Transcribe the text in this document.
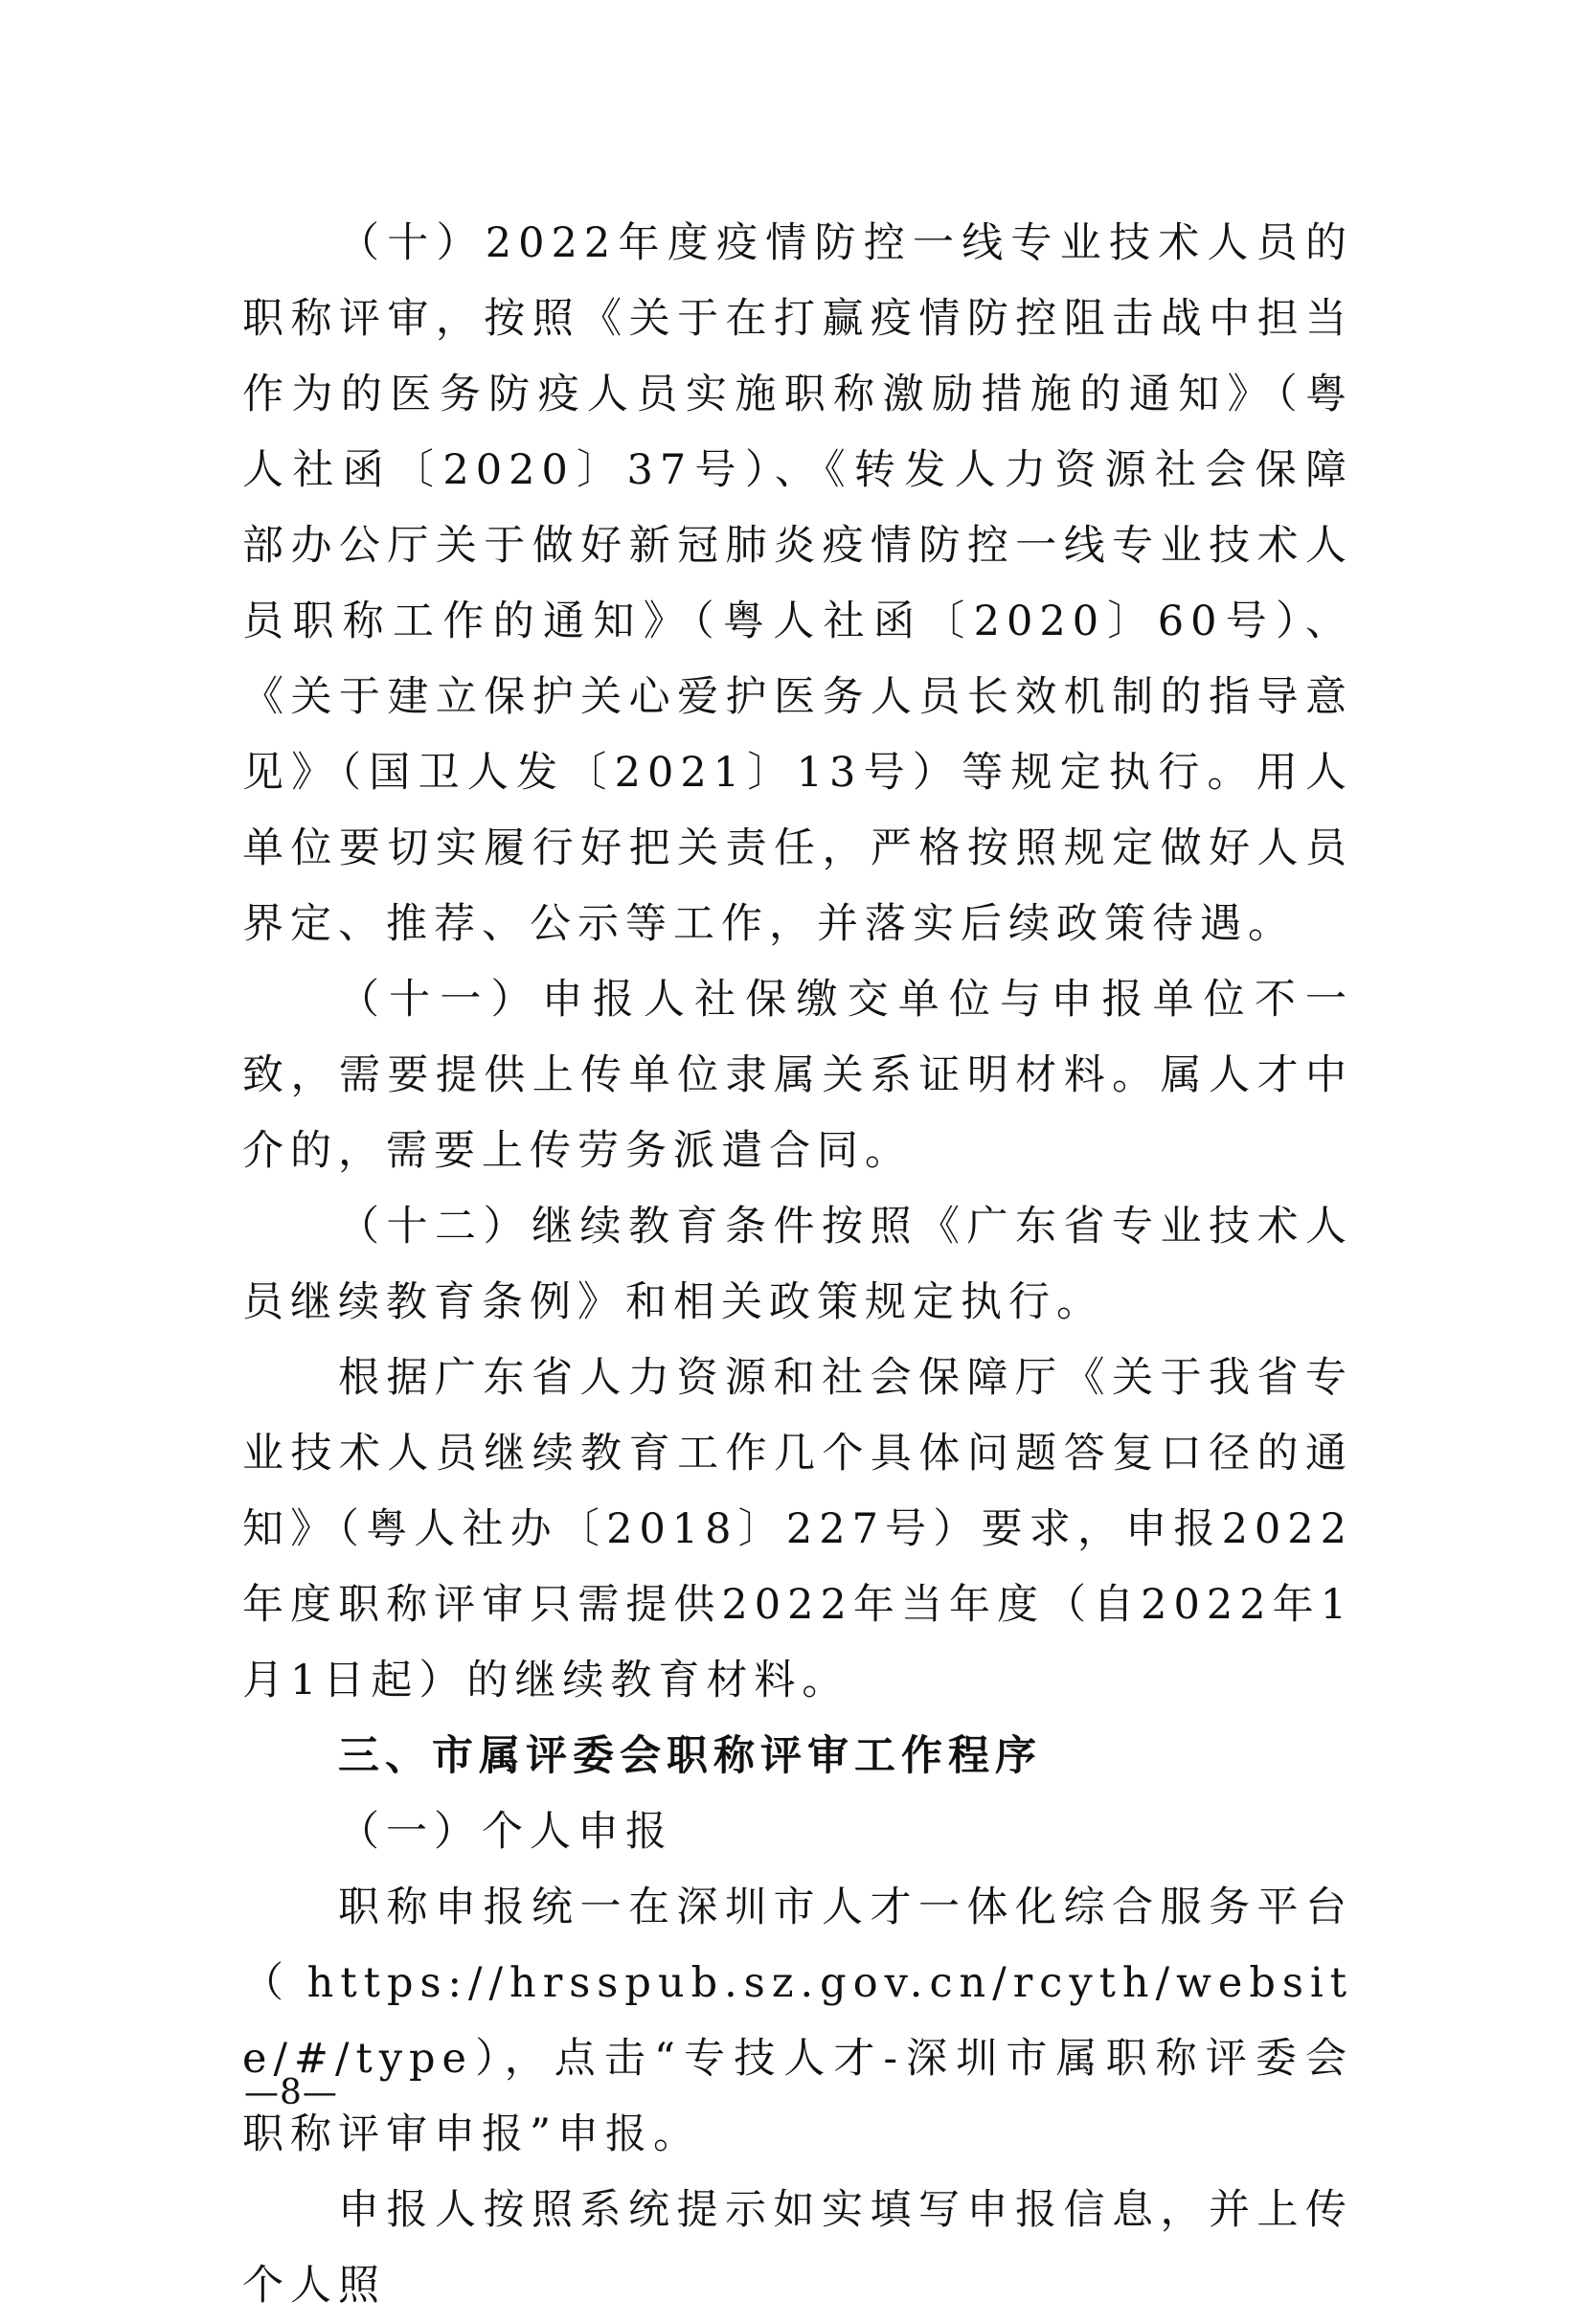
（十）2022年度疫情防控一线专业技术人员的职称评审，按照《关于在打赢疫情防控阻击战中担当作为的医务防疫人员实施职称激励措施的通知》（粤人社函〔2020〕37号）、《转发人力资源社会保障部办公厅关于做好新冠肺炎疫情防控一线专业技术人员职称工作的通知》（粤人社函〔2020〕60号）、《关于建立保护关心爱护医务人员长效机制的指导意见》（国卫人发〔2021〕13号）等规定执行。用人单位要切实履行好把关责任，严格按照规定做好人员界定、推荐、公示等工作，并落实后续政策待遇。

（十一）申报人社保缴交单位与申报单位不一致，需要提供上传单位隶属关系证明材料。属人才中介的，需要上传劳务派遣合同。

（十二）继续教育条件按照《广东省专业技术人员继续教育条例》和相关政策规定执行。

根据广东省人力资源和社会保障厅《关于我省专业技术人员继续教育工作几个具体问题答复口径的通知》（粤人社办〔2018〕227号）要求，申报2022年度职称评审只需提供2022年当年度（自2022年1月1日起）的继续教育材料。

三、市属评委会职称评审工作程序

（一）个人申报

职称申报统一在深圳市人才一体化综合服务平台（https://hrsspub.sz.gov.cn/rcyth/website/#/type），点击“专技人才-深圳市属职称评委会职称评审申报”申报。

申报人按照系统提示如实填写申报信息，并上传个人照

—8—
